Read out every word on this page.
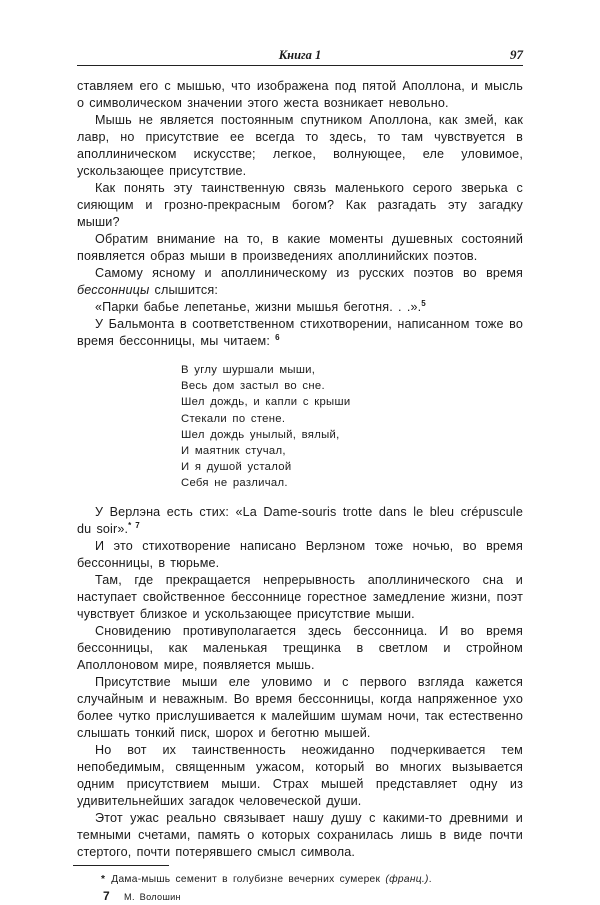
Книга 1	97

ставляем его с мышью, что изображена под пятой Аполлона, и мысль о символическом значении этого жеста возникает невольно.

Мышь не является постоянным спутником Аполлона, как змей, как лавр, но присутствие ее всегда то здесь, то там чувствуется в аполлиническом искусстве; легкое, волнующее, еле уловимое, ускользающее присутствие.

Как понять эту таинственную связь маленького серого зверька с сияющим и грозно-прекрасным богом? Как разгадать эту загадку мыши?

Обратим внимание на то, в какие моменты душевных состояний появляется образ мыши в произведениях аполлинийских поэтов.

Самому ясному и аполлиническому из русских поэтов во время бессонницы слышится:

«Парки бабье лепетанье, жизни мышья беготня. . .».$^5$

У Бальмонта в соответственном стихотворении, написанном тоже во время бессонницы, мы читаем: $^6$

В углу шуршали мыши,
Весь дом застыл во сне.
Шел дождь, и капли с крыши
Стекали по стене.
Шел дождь унылый, вялый,
И маятник стучал,
И я душой усталой
Себя не различал.

У Верлэна есть стих: «La Dame-souris trotte dans le bleu crépuscule du soir».$^{* 7}$

И это стихотворение написано Верлэном тоже ночью, во время бессонницы, в тюрьме.

Там, где прекращается непрерывность аполлинического сна и наступает свойственное бессоннице горестное замедление жизни, поэт чувствует близкое и ускользающее присутствие мыши.

Сновидению противуполагается здесь бессонница. И во время бессонницы, как маленькая трещинка в светлом и стройном Аполлоновом мире, появляется мышь.

Присутствие мыши еле уловимо и с первого взгляда кажется случайным и неважным. Во время бессонницы, когда напряженное ухо более чутко прислушивается к малейшим шумам ночи, так естественно слышать тонкий писк, шорох и беготню мышей.

Но вот их таинственность неожиданно подчеркивается тем непобедимым, священным ужасом, который во многих вызывается одним присутствием мыши. Страх мышей представляет одну из удивительнейших загадок человеческой души.

Этот ужас реально связывает нашу душу с какими-то древними и темными счетами, память о которых сохранилась лишь в виде почти стертого, почти потерявшего смысл символа.

* Дама-мышь семенит в голубизне вечерних сумерек (франц.).
7 М. Волошин
